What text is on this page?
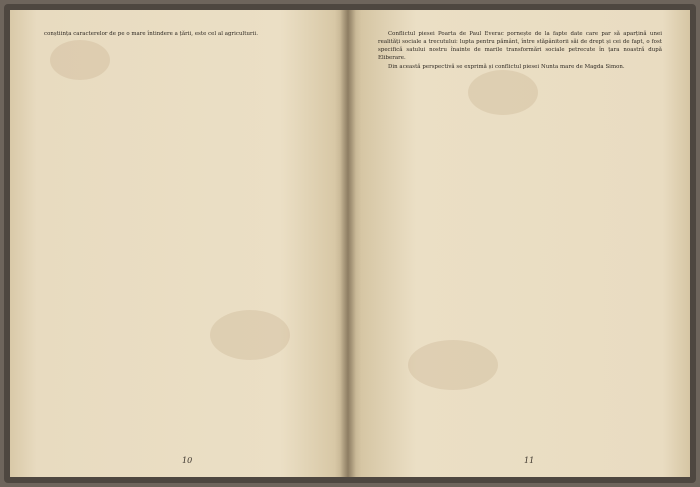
conștiința caracterelor de pe o mare întindere a țării, este cel al agriculturii.

10

Conflictul piesei Poarta de Paul Everac pornește de la fapte date care par să aparțină unei realități sociale a trecutului: lupta pentru pământ, între stăpânitorii săi de drept și cei de fapt, o fost specifică satului nostru înainte de marile transformări sociale petrecute în țara noastră după Eliberare.

Din această perspectivă se exprimă și conflictul piesei Nunta mare de Magda Simon.

11
